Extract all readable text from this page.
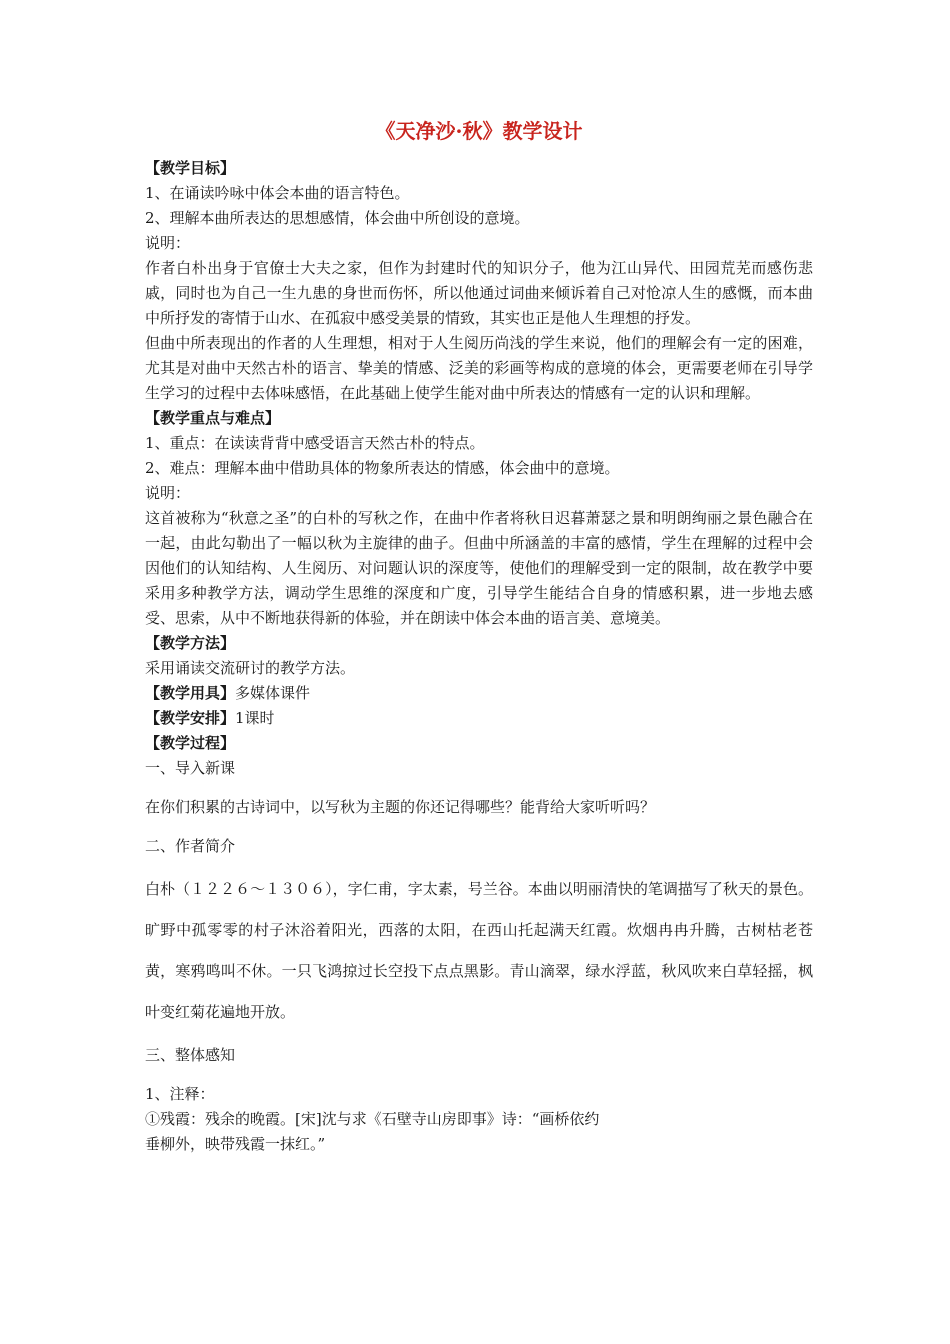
《天净沙·秋》教学设计

【教学目标】

1、在诵读吟咏中体会本曲的语言特色。

2、理解本曲所表达的思想感情，体会曲中所创设的意境。

说明：

作者白朴出身于官僚士大夫之家，但作为封建时代的知识分子，他为江山异代、田园荒芜而感伤悲戚，同时也为自己一生九患的身世而伤怀，所以他通过词曲来倾诉着自己对怆凉人生的感慨，而本曲中所抒发的寄情于山水、在孤寂中感受美景的情致，其实也正是他人生理想的抒发。

但曲中所表现出的作者的人生理想，相对于人生阅历尚浅的学生来说，他们的理解会有一定的困难，尤其是对曲中天然古朴的语言、挚美的情感、泛美的彩画等构成的意境的体会，更需要老师在引导学生学习的过程中去体味感悟，在此基础上使学生能对曲中所表达的情感有一定的认识和理解。

【教学重点与难点】

1、重点：在读读背背中感受语言天然古朴的特点。

2、难点：理解本曲中借助具体的物象所表达的情感，体会曲中的意境。

说明：

这首被称为“秋意之圣”的白朴的写秋之作，在曲中作者将秋日迟暮萧瑟之景和明朗绚丽之景色融合在一起，由此勾勒出了一幅以秋为主旋律的曲子。但曲中所涵盖的丰富的感情，学生在理解的过程中会因他们的认知结构、人生阅历、对问题认识的深度等，使他们的理解受到一定的限制，故在教学中要采用多种教学方法，调动学生思维的深度和广度，引导学生能结合自身的情感积累，进一步地去感受、思索，从中不断地获得新的体验，并在朗读中体会本曲的语言美、意境美。

【教学方法】

采用诵读交流研讨的教学方法。

【教学用具】多媒体课件

【教学安排】1课时

【教学过程】

一、导入新课

在你们积累的古诗词中，以写秋为主题的你还记得哪些？能背给大家听听吗？

二、作者简介

白朴（１２２６～１３０６），字仁甫，字太素，号兰谷。本曲以明丽清快的笔调描写了秋天的景色。旷野中孤零零的村子沐浴着阳光，西落的太阳，在西山托起满天红霞。炊烟冉冉升腾，古树枯老苍黄，寒鸦鸣叫不休。一只飞鸿掠过长空投下点点黑影。青山滴翠，绿水浮蓝，秋风吹来白草轻摇，枫叶变红菊花遍地开放。

三、整体感知

1、注释：

①残霞：残余的晚霞。[宋]沈与求《石壁寺山房即事》诗：“画桥依约

垂柳外，映带残霞一抹红。”
